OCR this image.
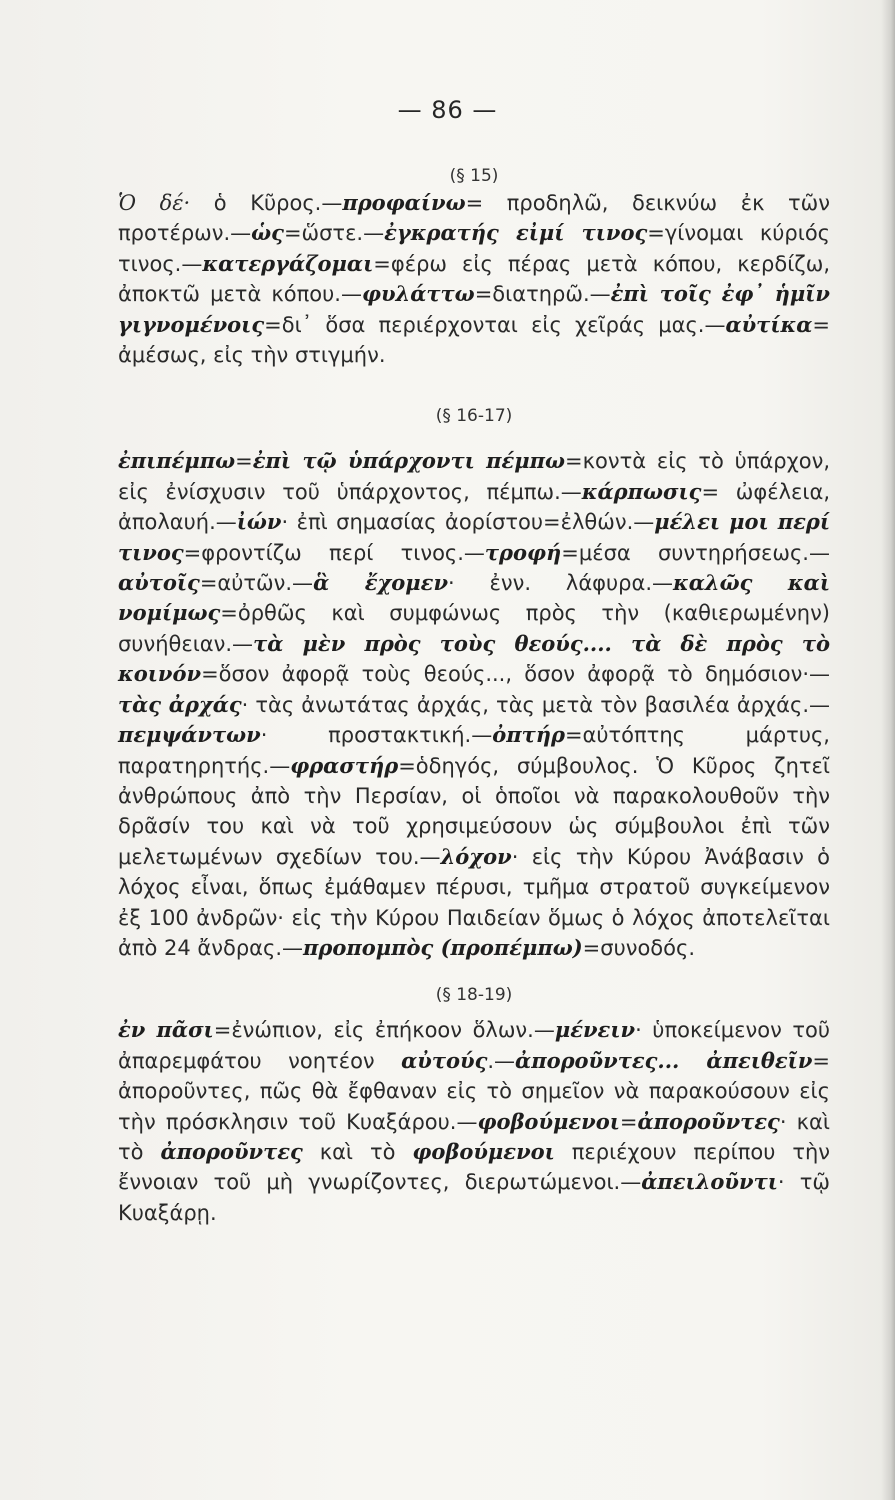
— 86 —
(§ 15)

Ὁ δέ· ὁ Κῦρος.—προφαίνω= προδηλῶ, δεικνύω ἐκ τῶν προτέρων.—ὡς=ὥστε.—ἐγκρατής εἰμί τινος=γίνομαι κύριός τινος.—κατεργάζομαι=φέρω εἰς πέρας μετὰ κόπου, κερδίζω, ἀποκτῶ μετὰ κόπου.—φυλάττω=διατηρῶ.—ἐπὶ τοῖς ἐφ᾿ ἡμῖν γιγνομένοις=δι᾿ ὅσα περιέρχονται εἰς χεῖράς μας.—αὐτίκα= ἀμέσως, εἰς τὴν στιγμήν.

(§ 16-17)

ἐπιπέμπω=ἐπὶ τῷ ὑπάρχοντι πέμπω=κοντὰ εἰς τὸ ὑπάρχον, εἰς ἐνίσχυσιν τοῦ ὑπάρχοντος, πέμπω.—κάρπωσις= ὠφέλεια, ἀπολαυή.—ἰών· ἐπὶ σημασίας ἀορίστου=ἐλθών.—μέλει μοι περί τινος=φροντίζω περί τινος.—τροφή=μέσα συντηρήσεως.—αὐτοῖς=αὐτῶν.—ἃ ἔχομεν· ἐνν. λάφυρα.—καλῶς καὶ νομίμως=ὀρθῶς καὶ συμφώνως πρὸς τὴν (καθιερωμένην) συνήθειαν.—τὰ μὲν πρὸς τοὺς θεούς.... τὰ δὲ πρὸς τὸ κοινόν=ὅσον ἀφορᾷ τοὺς θεούς..., ὅσον ἀφορᾷ τὸ δημόσιον·—τὰς ἀρχάς· τὰς ἀνωτάτας ἀρχάς, τὰς μετὰ τὸν βασιλέα ἀρχάς.—πεμψάντων· προστακτική.—ὀπτήρ=αὐτόπτης μάρτυς, παρατηρητής.—φραστήρ=ὁδηγός, σύμβουλος. Ὁ Κῦρος ζητεῖ ἀνθρώπους ἀπὸ τὴν Περσίαν, οἱ ὁποῖοι νὰ παρακολουθοῦν τὴν δρᾶσίν του καὶ νὰ τοῦ χρησιμεύσουν ὡς σύμβουλοι ἐπὶ τῶν μελετωμένων σχεδίων του.—λόχον· εἰς τὴν Κύρου Ἀνάβασιν ὁ λόχος εἶναι, ὅπως ἐμάθαμεν πέρυσι, τμῆμα στρατοῦ συγκείμενον ἐξ 100 ἀνδρῶν· εἰς τὴν Κύρου Παιδείαν ὅμως ὁ λόχος ἀποτελεῖται ἀπὸ 24 ἄνδρας.—προπομπὸς (προπέμπω)=συνοδός.

(§ 18-19)

ἐν πᾶσι=ἐνώπιον, εἰς ἐπήκοον ὅλων.—μένειν· ὑποκείμενον τοῦ ἀπαρεμφάτου νοητέον αὐτούς.—ἀποροῦντες... ἀπειθεῖν= ἀποροῦντες, πῶς θὰ ἔφθαναν εἰς τὸ σημεῖον νὰ παρακούσουν εἰς τὴν πρόσκλησιν τοῦ Κυαξάρου.—φοβούμενοι=ἀποροῦντες· καὶ τὸ ἀποροῦντες καὶ τὸ φοβούμενοι περιέχουν περίπου τὴν ἔννοιαν τοῦ μὴ γνωρίζοντες, διερωτώμενοι.—ἀπειλοῦντι· τῷ Κυαξάρῃ.
